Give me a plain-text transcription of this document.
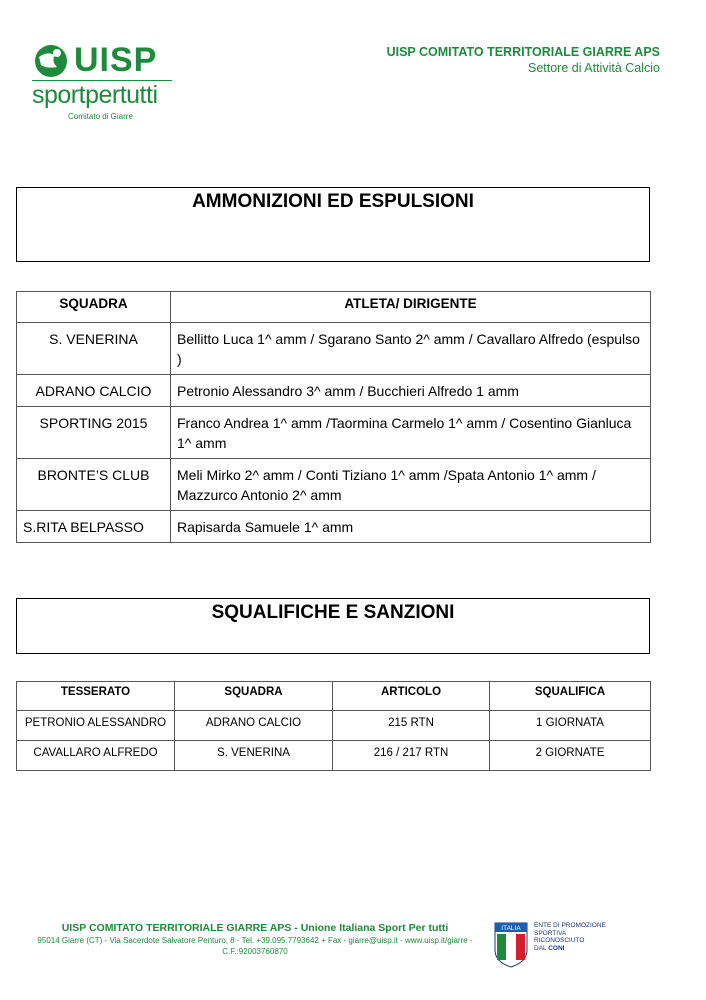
UISP
sportpertutti
Comitato di Giarre
UISP COMITATO TERRITORIALE GIARRE APS
Settore di Attività Calcio
AMMONIZIONI ED ESPULSIONI
SQUADRA	ATLETA/ DIRIGENTE
S. VENERINA	Bellitto Luca 1^ amm / Sgarano Santo 2^ amm / Cavallaro Alfredo (espulso )
ADRANO CALCIO	Petronio Alessandro 3^ amm / Bucchieri Alfredo 1 amm
SPORTING 2015	Franco Andrea 1^ amm /Taormina Carmelo 1^ amm / Cosentino Gianluca 1^ amm
BRONTE’S CLUB	Meli Mirko 2^ amm / Conti Tiziano 1^ amm /Spata Antonio 1^ amm / Mazzurco Antonio 2^ amm
S.RITA BELPASSO	Rapisarda Samuele 1^ amm
SQUALIFICHE E SANZIONI
TESSERATO	SQUADRA	ARTICOLO	SQUALIFICA
PETRONIO ALESSANDRO	ADRANO CALCIO	215 RTN	1 GIORNATA
CAVALLARO ALFREDO	S. VENERINA	216 / 217 RTN	2 GIORNATE
UISP COMITATO TERRITORIALE GIARRE APS - Unione Italiana Sport Per tutti
95014 Giarre (CT) - Via Sacerdote Salvatore Penturo, 8 - Tel. +39.095.7793642 + Fax - giarre@uisp.it - www.uisp.it/giarre -
C.F.:92003760870
ITALIA ENTE DI PROMOZIONE
SPORTIVA
RICONOSCIUTO
DAL CONI
